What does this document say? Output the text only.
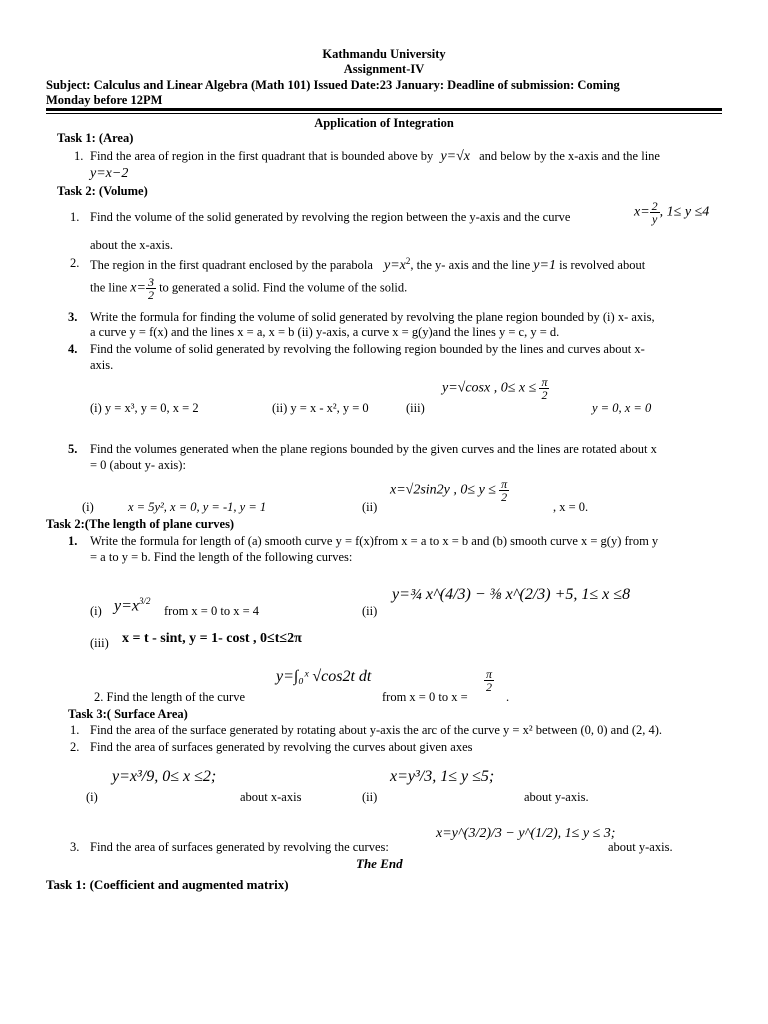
Kathmandu University
Assignment-IV
Subject: Calculus and Linear Algebra (Math 101) Issued Date:23 January: Deadline of submission: Coming
Monday before 12PM
Application of Integration
Task 1: (Area)
1. Find the area of region in the first quadrant that is bounded above by y=√x and below by the x-axis and the line
y=x−2
Task 2: (Volume)
1. Find the volume of the solid generated by revolving the region between the y-axis and the curve	$x= \frac{2}{y}$ , 1≤ y ≤4
about the x-axis.
2. The region in the first quadrant enclosed by the parabola $y=x^2$, the y- axis and the line y=1 is revolved about
the line $x= \frac{3}{2}$ to generated a solid. Find the volume of the solid.
3. Write the formula for finding the volume of solid generated by revolving the plane region bounded by (i) x- axis,
a curve y = f(x) and the lines x = a, x = b (ii) y-axis, a curve x = g(y)and the lines y = c, y = d.
4. Find the volume of solid generated by revolving the following region bounded by the lines and curves about x-
axis.
(i) y = x³, y = 0, x = 2	(ii) y = x - x², y = 0	(iii)
y=√cosx , $0\le x \le \frac{\pi}{2}$
y = 0, x = 0
5. Find the volumes generated when the plane regions bounded by the given curves and the lines are rotated about x
= 0 (about y- axis):
(i)	x = 5y², x = 0, y = -1, y = 1	(ii)
x=√2sin2y , $0\le y \le \frac{\pi}{2}$
, x = 0.
Task 2:(The length of plane curves)
1. Write the formula for length of (a) smooth curve y = f(x)from x = a to x = b and (b) smooth curve x = g(y) from y
= a to y = b. Find the length of the following curves:
(i) $y=x^{3/2}$
from x = 0 to x = 4	(ii)
y=¾ x^(4/3) − ⅜ x^(2/3) +5, 1≤ x ≤8
(iii) x = t - sint, y = 1- cost , 0≤t≤2π
2. Find the length of the curve
y=∫₀ˣ √cos2t dt
from x = 0 to x =
$\frac{\pi}{2}$
.
Task 3:( Surface Area)
1. Find the area of the surface generated by rotating about y-axis the arc of the curve y = x² between (0, 0) and (2, 4).
2. Find the area of surfaces generated by revolving the curves about given axes
(i)
y=x³/9, 0≤ x ≤2;
about x-axis	(ii)
x=y³/3, 1≤ y ≤5;
about y-axis.
3. Find the area of surfaces generated by revolving the curves:
x=y^(3/2)/3 − y^(1/2), 1≤ y ≤ 3;
about y-axis.
The End
Task 1: (Coefficient and augmented matrix)
